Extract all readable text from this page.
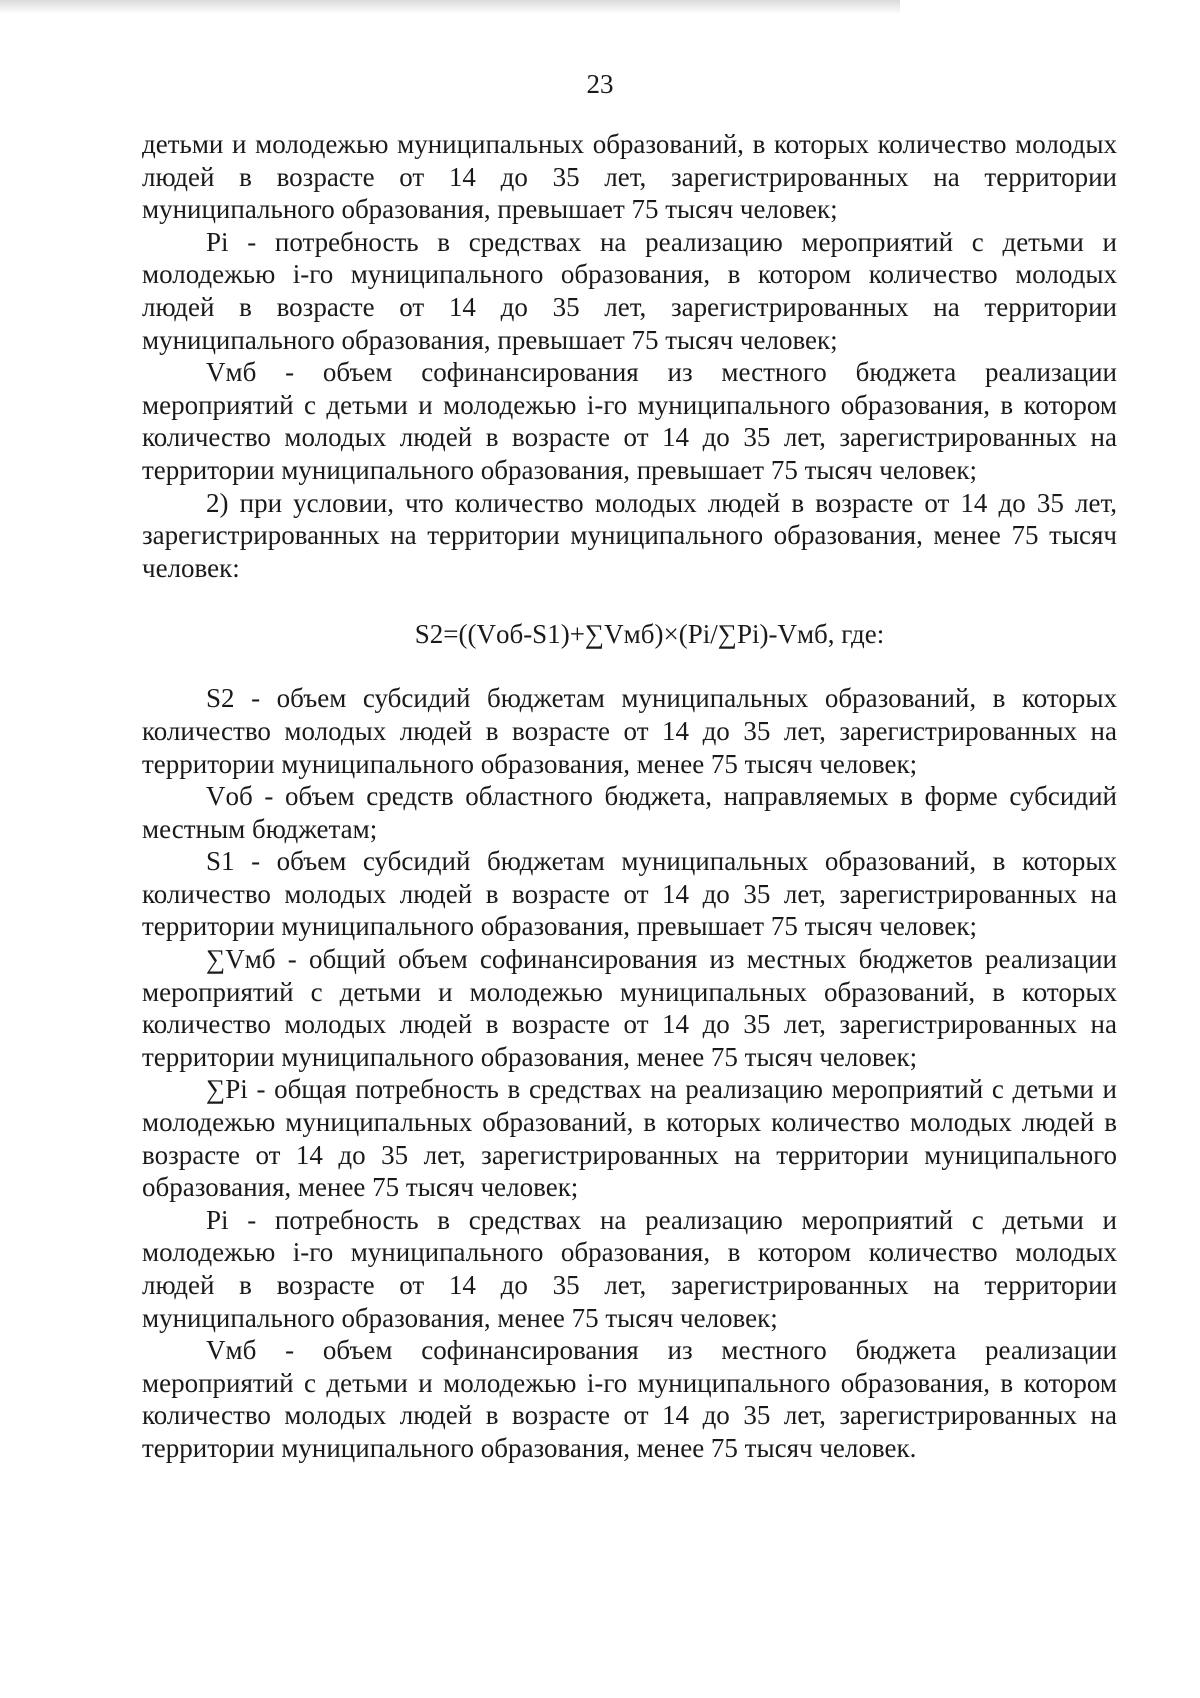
23

детьми и молодежью муниципальных образований, в которых количество молодых людей в возрасте от 14 до 35 лет, зарегистрированных на территории муниципального образования, превышает 75 тысяч человек;

Pi - потребность в средствах на реализацию мероприятий с детьми и молодежью i-го муниципального образования, в котором количество молодых людей в возрасте от 14 до 35 лет, зарегистрированных на территории муниципального образования, превышает 75 тысяч человек;

Vмб - объем софинансирования из местного бюджета реализации мероприятий с детьми и молодежью i-го муниципального образования, в котором количество молодых людей в возрасте от 14 до 35 лет, зарегистрированных на территории муниципального образования, превышает 75 тысяч человек;

2) при условии, что количество молодых людей в возрасте от 14 до 35 лет, зарегистрированных на территории муниципального образования, менее 75 тысяч человек:

S2=((Vоб-S1)+∑Vмб)×(Pi/∑Pi)-Vмб, где:

S2 - объем субсидий бюджетам муниципальных образований, в которых количество молодых людей в возрасте от 14 до 35 лет, зарегистрированных на территории муниципального образования, менее 75 тысяч человек;

Vоб - объем средств областного бюджета, направляемых в форме субсидий местным бюджетам;

S1 - объем субсидий бюджетам муниципальных образований, в которых количество молодых людей в возрасте от 14 до 35 лет, зарегистрированных на территории муниципального образования, превышает 75 тысяч человек;

∑Vмб - общий объем софинансирования из местных бюджетов реализации мероприятий с детьми и молодежью муниципальных образований, в которых количество молодых людей в возрасте от 14 до 35 лет, зарегистрированных на территории муниципального образования, менее 75 тысяч человек;

∑Pi - общая потребность в средствах на реализацию мероприятий с детьми и молодежью муниципальных образований, в которых количество молодых людей в возрасте от 14 до 35 лет, зарегистрированных на территории муниципального образования, менее 75 тысяч человек;

Pi - потребность в средствах на реализацию мероприятий с детьми и молодежью i-го муниципального образования, в котором количество молодых людей в возрасте от 14 до 35 лет, зарегистрированных на территории муниципального образования, менее 75 тысяч человек;

Vмб - объем софинансирования из местного бюджета реализации мероприятий с детьми и молодежью i-го муниципального образования, в котором количество молодых людей в возрасте от 14 до 35 лет, зарегистрированных на территории муниципального образования, менее 75 тысяч человек.
